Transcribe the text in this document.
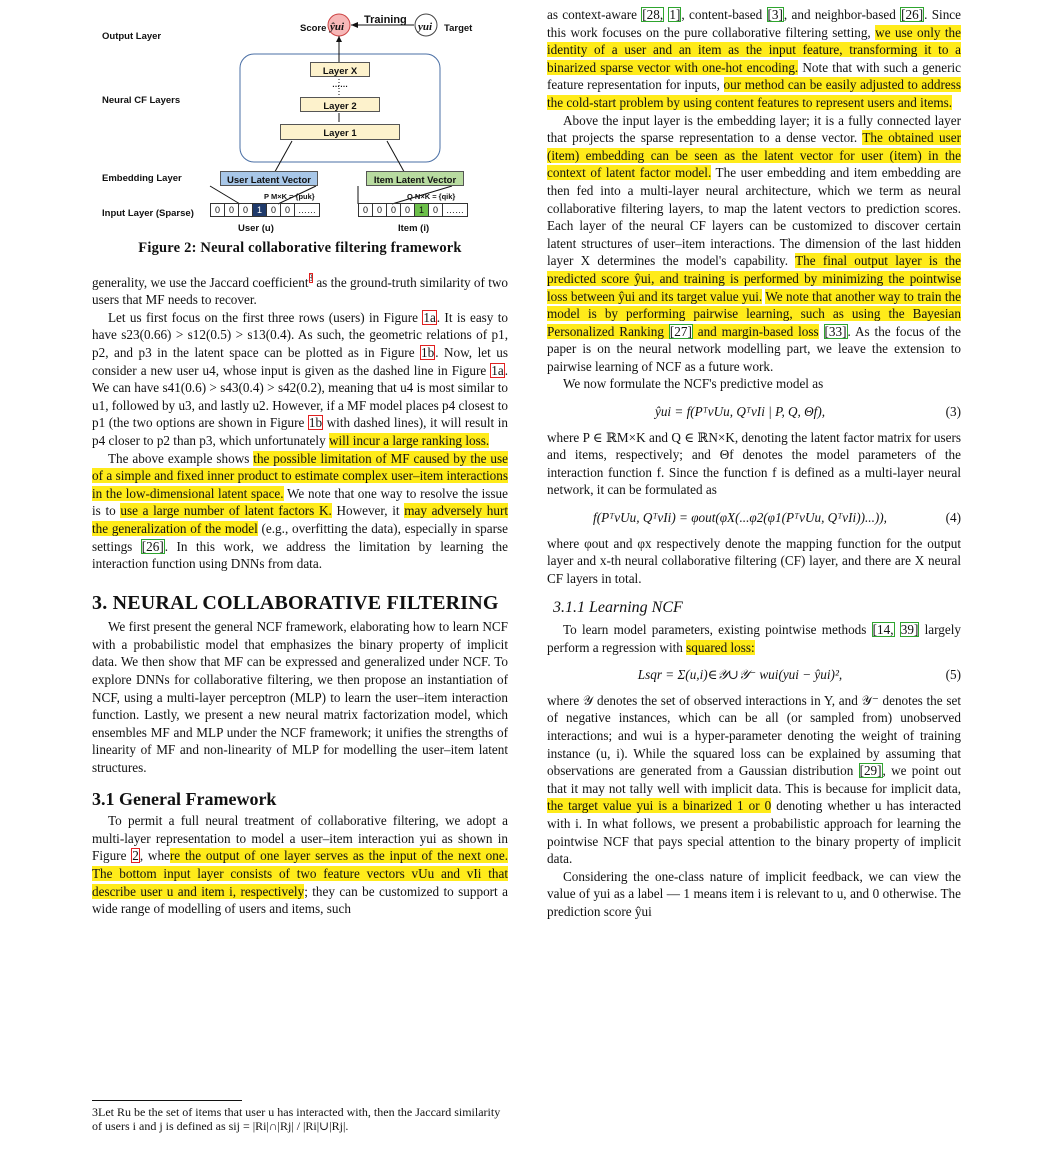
Score ŷui
Training
yui Target
Output Layer
Neural CF Layers
Embedding Layer
Input Layer (Sparse)
Layer X
……
Layer 2
Layer 1
User Latent Vector	Item Latent Vector
P M×K = {puk}	Q N×K = {qik}
0 0 0 1 0 0 ……	0 0 0 0 1 0 ……
User (u)	Item (i)
Figure 2: Neural collaborative filtering framework

generality, we use the Jaccard coefficient$^3$ as the ground-truth similarity of two users that MF needs to recover.

Let us first focus on the first three rows (users) in Figure 1a. It is easy to have s23(0.66) > s12(0.5) > s13(0.4). As such, the geometric relations of p1, p2, and p3 in the latent space can be plotted as in Figure 1b. Now, let us consider a new user u4, whose input is given as the dashed line in Figure 1a. We can have s41(0.6) > s43(0.4) > s42(0.2), meaning that u4 is most similar to u1, followed by u3, and lastly u2. However, if a MF model places p4 closest to p1 (the two options are shown in Figure 1b with dashed lines), it will result in p4 closer to p2 than p3, which unfortunately will incur a large ranking loss.

The above example shows the possible limitation of MF caused by the use of a simple and fixed inner product to estimate complex user–item interactions in the low-dimensional latent space. We note that one way to resolve the issue is to use a large number of latent factors K. However, it may adversely hurt the generalization of the model (e.g., overfitting the data), especially in sparse settings [26]. In this work, we address the limitation by learning the interaction function using DNNs from data.

3. NEURAL COLLABORATIVE FILTERING

We first present the general NCF framework, elaborating how to learn NCF with a probabilistic model that emphasizes the binary property of implicit data. We then show that MF can be expressed and generalized under NCF. To explore DNNs for collaborative filtering, we then propose an instantiation of NCF, using a multi-layer perceptron (MLP) to learn the user–item interaction function. Lastly, we present a new neural matrix factorization model, which ensembles MF and MLP under the NCF framework; it unifies the strengths of linearity of MF and non-linearity of MLP for modelling the user–item latent structures.

3.1 General Framework

To permit a full neural treatment of collaborative filtering, we adopt a multi-layer representation to model a user–item interaction yui as shown in Figure 2, where the output of one layer serves as the input of the next one. The bottom input layer consists of two feature vectors vUu and vIi that describe user u and item i, respectively; they can be customized to support a wide range of modelling of users and items, such

3Let Ru be the set of items that user u has interacted with, then the Jaccard similarity of users i and j is defined as sij = |Ri|∩|Rj| / |Ri|∪|Rj|.

as context-aware [28, 1], content-based [3], and neighbor-based [26]. Since this work focuses on the pure collaborative filtering setting, we use only the identity of a user and an item as the input feature, transforming it to a binarized sparse vector with one-hot encoding. Note that with such a generic feature representation for inputs, our method can be easily adjusted to address the cold-start problem by using content features to represent users and items.

Above the input layer is the embedding layer; it is a fully connected layer that projects the sparse representation to a dense vector. The obtained user (item) embedding can be seen as the latent vector for user (item) in the context of latent factor model. The user embedding and item embedding are then fed into a multi-layer neural architecture, which we term as neural collaborative filtering layers, to map the latent vectors to prediction scores. Each layer of the neural CF layers can be customized to discover certain latent structures of user–item interactions. The dimension of the last hidden layer X determines the model's capability. The final output layer is the predicted score ŷui, and training is performed by minimizing the pointwise loss between ŷui and its target value yui. We note that another way to train the model is by performing pairwise learning, such as using the Bayesian Personalized Ranking [27] and margin-based loss [33]. As the focus of the paper is on the neural network modelling part, we leave the extension to pairwise learning of NCF as a future work.

We now formulate the NCF's predictive model as

ŷui = f(PᵀvUu, QᵀvIi | P, Q, Θf),	(3)

where P ∈ ℝM×K and Q ∈ ℝN×K, denoting the latent factor matrix for users and items, respectively; and Θf denotes the model parameters of the interaction function f. Since the function f is defined as a multi-layer neural network, it can be formulated as

f(PᵀvUu, QᵀvIi) = φout(φX(...φ2(φ1(PᵀvUu, QᵀvIi))...)),	(4)

where φout and φx respectively denote the mapping function for the output layer and x-th neural collaborative filtering (CF) layer, and there are X neural CF layers in total.

3.1.1 Learning NCF

To learn model parameters, existing pointwise methods [14, 39] largely perform a regression with squared loss:

Lsqr = Σ(u,i)∈𝒴∪𝒴⁻ wui(yui − ŷui)²,	(5)

where 𝒴 denotes the set of observed interactions in Y, and 𝒴⁻ denotes the set of negative instances, which can be all (or sampled from) unobserved interactions; and wui is a hyper-parameter denoting the weight of training instance (u, i). While the squared loss can be explained by assuming that observations are generated from a Gaussian distribution [29], we point out that it may not tally well with implicit data. This is because for implicit data, the target value yui is a binarized 1 or 0 denoting whether u has interacted with i. In what follows, we present a probabilistic approach for learning the pointwise NCF that pays special attention to the binary property of implicit data.

Considering the one-class nature of implicit feedback, we can view the value of yui as a label — 1 means item i is relevant to u, and 0 otherwise. The prediction score ŷui
